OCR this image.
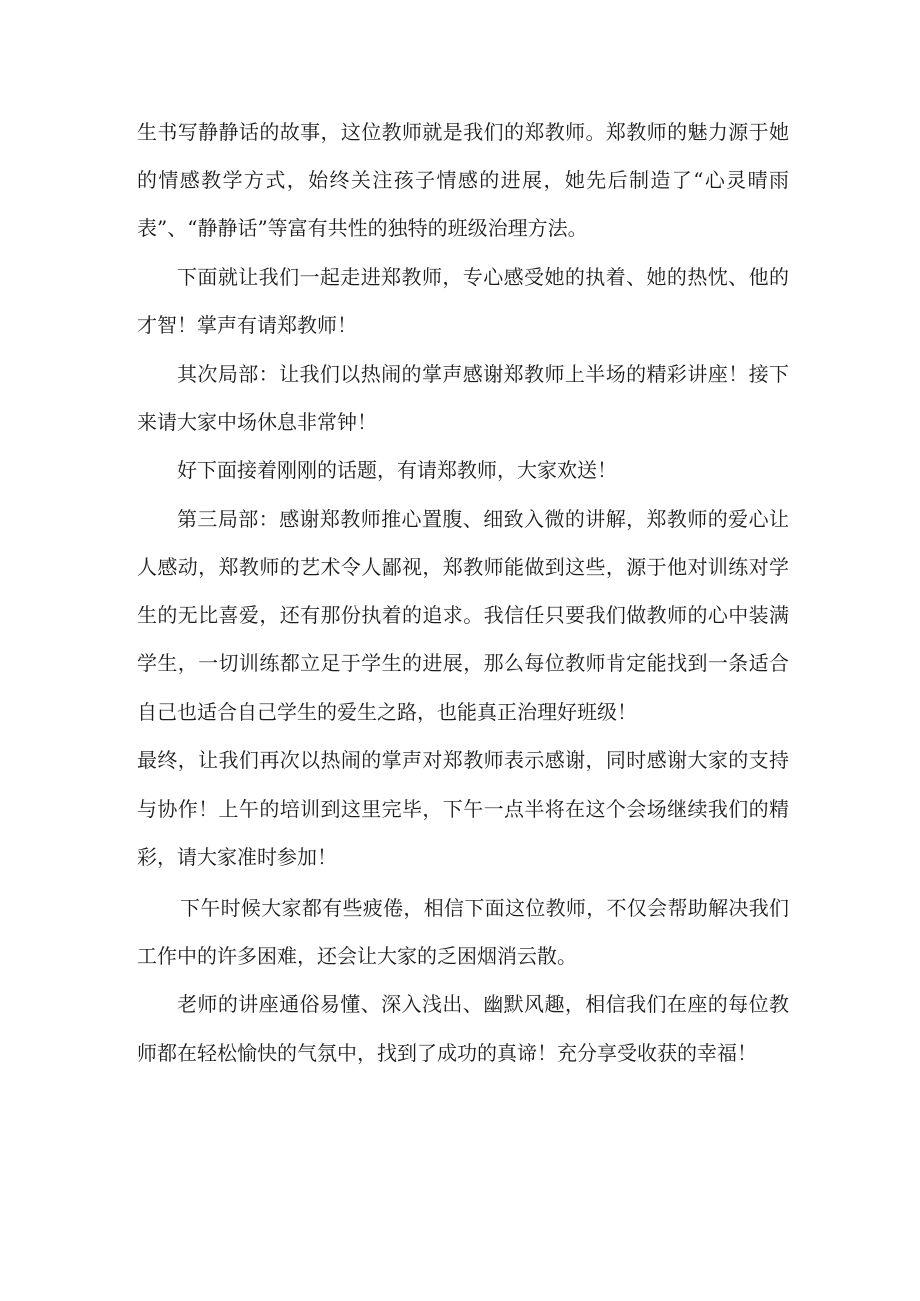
生书写静静话的故事，这位教师就是我们的郑教师。郑教师的魅力源于她
的情感教学方式，始终关注孩子情感的进展，她先后制造了“心灵晴雨
表”、“静静话”等富有共性的独特的班级治理方法。
下面就让我们一起走进郑教师，专心感受她的执着、她的热忱、他的
才智！掌声有请郑教师！
其次局部：让我们以热闹的掌声感谢郑教师上半场的精彩讲座！接下
来请大家中场休息非常钟！
好下面接着刚刚的话题，有请郑教师，大家欢送！
第三局部：感谢郑教师推心置腹、细致入微的讲解，郑教师的爱心让
人感动，郑教师的艺术令人鄙视，郑教师能做到这些，源于他对训练对学
生的无比喜爱，还有那份执着的追求。我信任只要我们做教师的心中装满
学生，一切训练都立足于学生的进展，那么每位教师肯定能找到一条适合
自己也适合自己学生的爱生之路，也能真正治理好班级！
最终，让我们再次以热闹的掌声对郑教师表示感谢，同时感谢大家的支持
与协作！上午的培训到这里完毕，下午一点半将在这个会场继续我们的精
彩，请大家准时参加！
下午时候大家都有些疲倦，相信下面这位教师，不仅会帮助解决我们
工作中的许多困难，还会让大家的乏困烟消云散。
老师的讲座通俗易懂、深入浅出、幽默风趣，相信我们在座的每位教
师都在轻松愉快的气氛中，找到了成功的真谛！充分享受收获的幸福！
